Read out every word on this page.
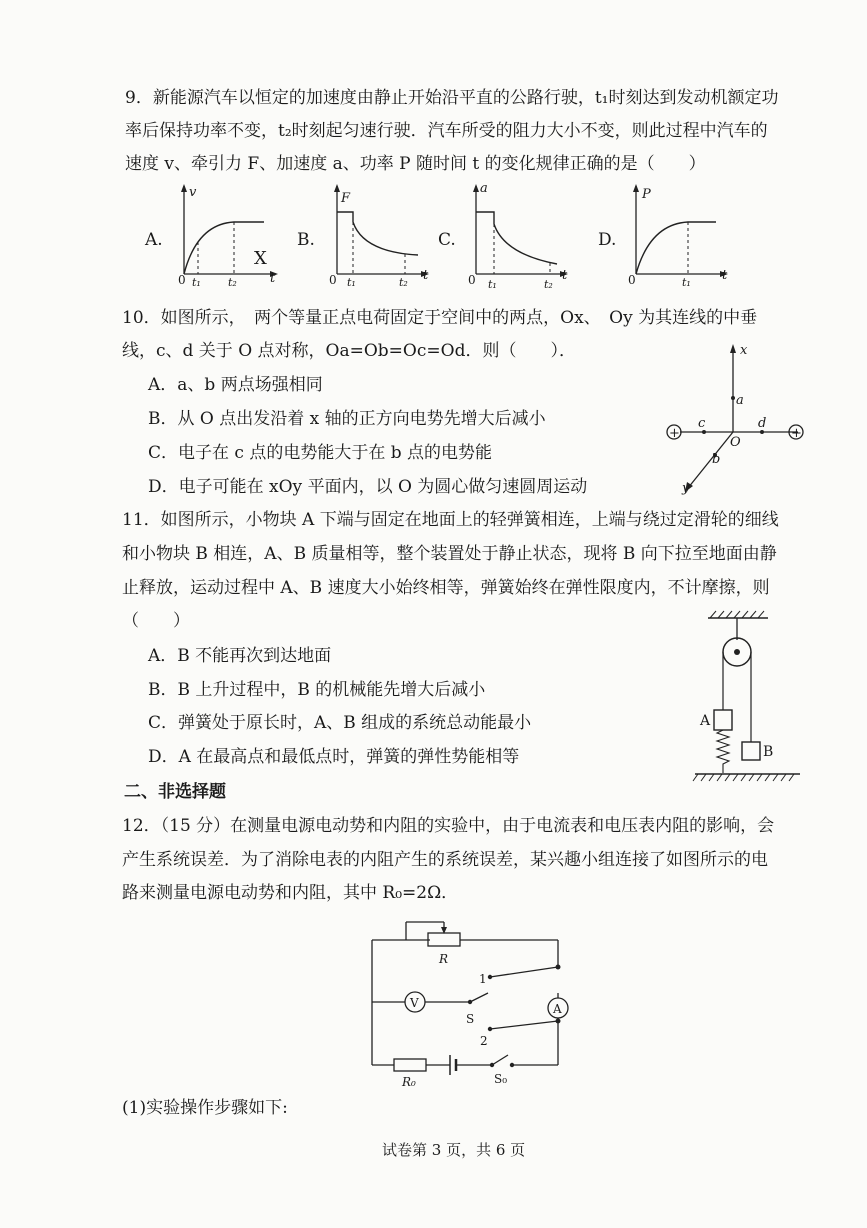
9．新能源汽车以恒定的加速度由静止开始沿平直的公路行驶，t₁时刻达到发动机额定功
率后保持功率不变，t₂时刻起匀速行驶．汽车所受的阻力大小不变，则此过程中汽车的
速度 v、牵引力 F、加速度 a、功率 P 随时间 t 的变化规律正确的是（　　）
A.	B.	C.	D.
v
t
0 t₁ t₂
X
F
t
0 t₁	t₂
a
t
0 t₁	t₂
P
t
0	t₁
10．如图所示，　两个等量正点电荷固定于空间中的两点，Ox、　Oy 为其连线的中垂
线，c、d 关于 O 点对称，Oa=Ob=Oc=Od．则（　　）．
A．a、b 两点场强相同
B．从 O 点出发沿着 x 轴的正方向电势先增大后减小
C．电子在 c 点的电势能大于在 b 点的电势能
D．电子可能在 xOy 平面内，以 O 为圆心做匀速圆周运动
+	+
x
y
a
b
c	d
O
11．如图所示，小物块 A 下端与固定在地面上的轻弹簧相连，上端与绕过定滑轮的细线
和小物块 B 相连，A、B 质量相等，整个装置处于静止状态，现将 B 向下拉至地面由静
止释放，运动过程中 A、B 速度大小始终相等，弹簧始终在弹性限度内，不计摩擦，则
（　　）
A．B 不能再次到达地面
B．B 上升过程中，B 的机械能先增大后减小
C．弹簧处于原长时，A、B 组成的系统总动能最小
D．A 在最高点和最低点时，弹簧的弹性势能相等
A
B
二、非选择题
12．（15 分）在测量电源电动势和内阻的实验中，由于电流表和电压表内阻的影响，会
产生系统误差．为了消除电表的内阻产生的系统误差，某兴趣小组连接了如图所示的电
路来测量电源电动势和内阻，其中 R₀=2Ω．
R
A
V
S
1
2
R₀	S₀
(1)实验操作步骤如下:
试卷第 3 页，共 6 页
